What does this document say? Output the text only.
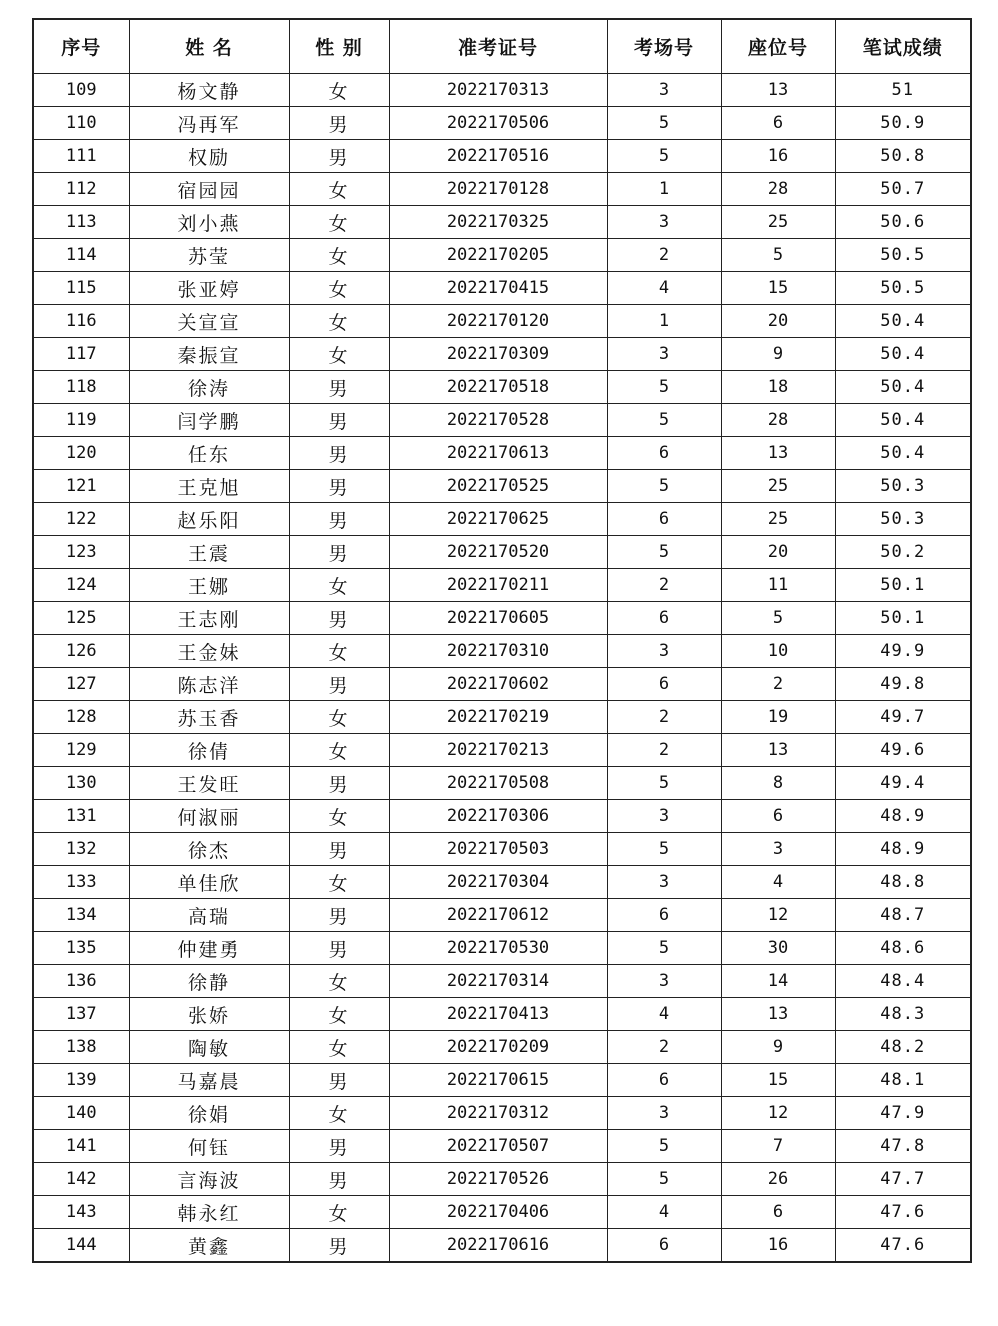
序号	姓 名	性 别	准考证号	考场号	座位号	笔试成绩
109	杨文静	女	2022170313	3	13	51
110	冯再军	男	2022170506	5	6	50.9
111	权励	男	2022170516	5	16	50.8
112	宿园园	女	2022170128	1	28	50.7
113	刘小燕	女	2022170325	3	25	50.6
114	苏莹	女	2022170205	2	5	50.5
115	张亚婷	女	2022170415	4	15	50.5
116	关宣宣	女	2022170120	1	20	50.4
117	秦振宣	女	2022170309	3	9	50.4
118	徐涛	男	2022170518	5	18	50.4
119	闫学鹏	男	2022170528	5	28	50.4
120	任东	男	2022170613	6	13	50.4
121	王克旭	男	2022170525	5	25	50.3
122	赵乐阳	男	2022170625	6	25	50.3
123	王震	男	2022170520	5	20	50.2
124	王娜	女	2022170211	2	11	50.1
125	王志刚	男	2022170605	6	5	50.1
126	王金妹	女	2022170310	3	10	49.9
127	陈志洋	男	2022170602	6	2	49.8
128	苏玉香	女	2022170219	2	19	49.7
129	徐倩	女	2022170213	2	13	49.6
130	王发旺	男	2022170508	5	8	49.4
131	何淑丽	女	2022170306	3	6	48.9
132	徐杰	男	2022170503	5	3	48.9
133	单佳欣	女	2022170304	3	4	48.8
134	高瑞	男	2022170612	6	12	48.7
135	仲建勇	男	2022170530	5	30	48.6
136	徐静	女	2022170314	3	14	48.4
137	张娇	女	2022170413	4	13	48.3
138	陶敏	女	2022170209	2	9	48.2
139	马嘉晨	男	2022170615	6	15	48.1
140	徐娟	女	2022170312	3	12	47.9
141	何钰	男	2022170507	5	7	47.8
142	言海波	男	2022170526	5	26	47.7
143	韩永红	女	2022170406	4	6	47.6
144	黄鑫	男	2022170616	6	16	47.6
